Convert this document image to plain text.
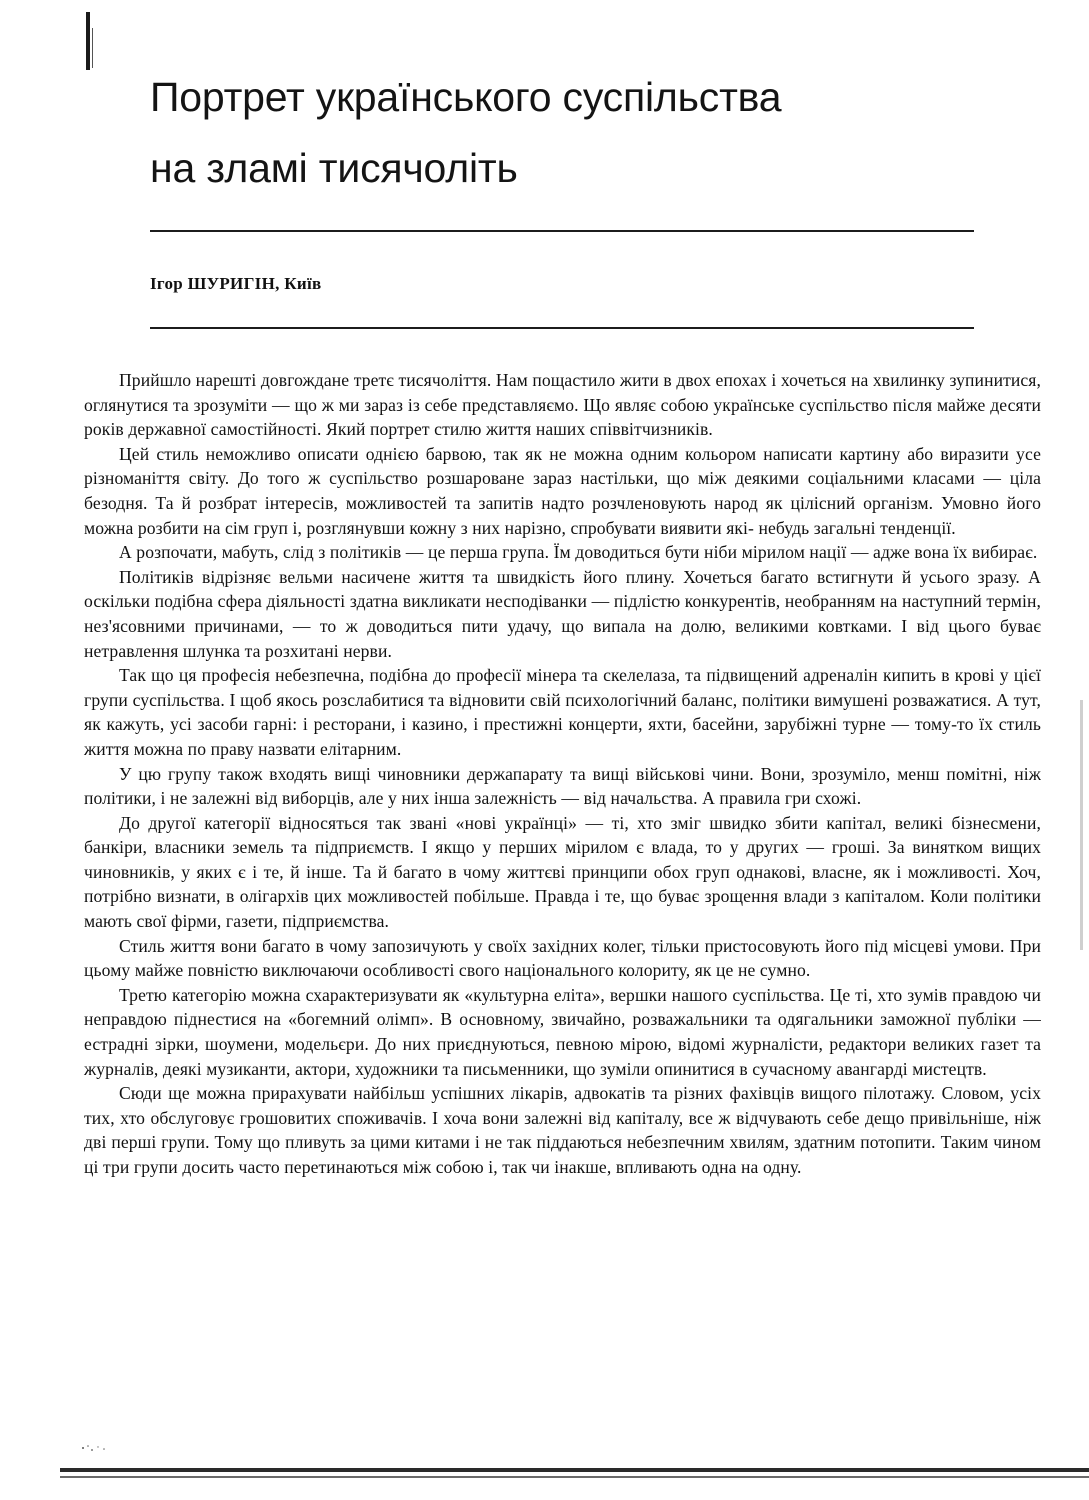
Портрет українського суспільства
на зламі тисячоліть
Ігор ШУРИГІН, Київ

Прийшло нарешті довгождане третє тисячоліття. Нам пощастило жити в двох епохах і хочеться на хвилинку зупинитися, оглянутися та зрозуміти — що ж ми зараз із себе представляємо. Що являє собою українське суспільство після майже десяти років державної самостійності. Який портрет стилю життя наших співвітчизників.

Цей стиль неможливо описати однією барвою, так як не можна одним кольором написати картину або виразити усе різноманіття світу. До того ж суспільство розшароване зараз настільки, що між деякими соціальними класами — ціла безодня. Та й розбрат інтересів, можливостей та запитів надто розчленовують народ як цілісний організм. Умовно його можна розбити на сім груп і, розглянувши кожну з них нарізно, спробувати виявити які- небудь загальні тенденції.

А розпочати, мабуть, слід з політиків — це перша група. Їм доводиться бути ніби мірилом нації — адже вона їх вибирає.

Політиків відрізняє вельми насичене життя та швидкість його плину. Хочеться багато встигнути й усього зразу. А оскільки подібна сфера діяльності здатна викликати несподіванки — підлістю конкурентів, необранням на наступний термін, нез'ясовними причинами, — то ж доводиться пити удачу, що випала на долю, великими ковтками. І від цього буває нетравлення шлунка та розхитані нерви.

Так що ця професія небезпечна, подібна до професії мінера та скелелаза, та підвищений адреналін кипить в крові у цієї групи суспільства. І щоб якось розслабитися та відновити свій психологічний баланс, політики вимушені розважатися. А тут, як кажуть, усі засоби гарні: і ресторани, і казино, і престижні концерти, яхти, басейни, зарубіжні турне — тому-то їх стиль життя можна по праву назвати елітарним.

У цю групу також входять вищі чиновники держапарату та вищі військові чини. Вони, зрозуміло, менш помітні, ніж політики, і не залежні від виборців, але у них інша залежність — від начальства. А правила гри схожі.

До другої категорії відносяться так звані «нові українці» — ті, хто зміг швидко збити капітал, великі бізнесмени, банкіри, власники земель та підприємств. І якщо у перших мірилом є влада, то у других — гроші. За винятком вищих чиновників, у яких є і те, й інше. Та й багато в чому життєві принципи обох груп однакові, власне, як і можливості. Хоч, потрібно визнати, в олігархів цих можливостей побільше. Правда і те, що буває зрощення влади з капіталом. Коли політики мають свої фірми, газети, підприємства.

Стиль життя вони багато в чому запозичують у своїх західних колег, тільки пристосовують його під місцеві умови. При цьому майже повністю виключаючи особливості свого національного колориту, як це не сумно.

Третю категорію можна схарактеризувати як «культурна еліта», вершки нашого суспільства. Це ті, хто зумів правдою чи неправдою піднестися на «богемний олімп». В основному, звичайно, розважальники та одягальники заможної публіки — естрадні зірки, шоумени, модельєри. До них приєднуються, певною мірою, відомі журналісти, редактори великих газет та журналів, деякі музиканти, актори, художники та письменники, що зуміли опинитися в сучасному авангарді мистецтв.

Сюди ще можна прирахувати найбільш успішних лікарів, адвокатів та різних фахівців вищого пілотажу. Словом, усіх тих, хто обслуговує грошовитих споживачів. І хоча вони залежні від капіталу, все ж відчувають себе дещо привільніше, ніж дві перші групи. Тому що пливуть за цими китами і не так піддаються небезпечним хвилям, здатним потопити. Таким чином ці три групи досить часто перетинаються між собою і, так чи інакше, впливають одна на одну.
